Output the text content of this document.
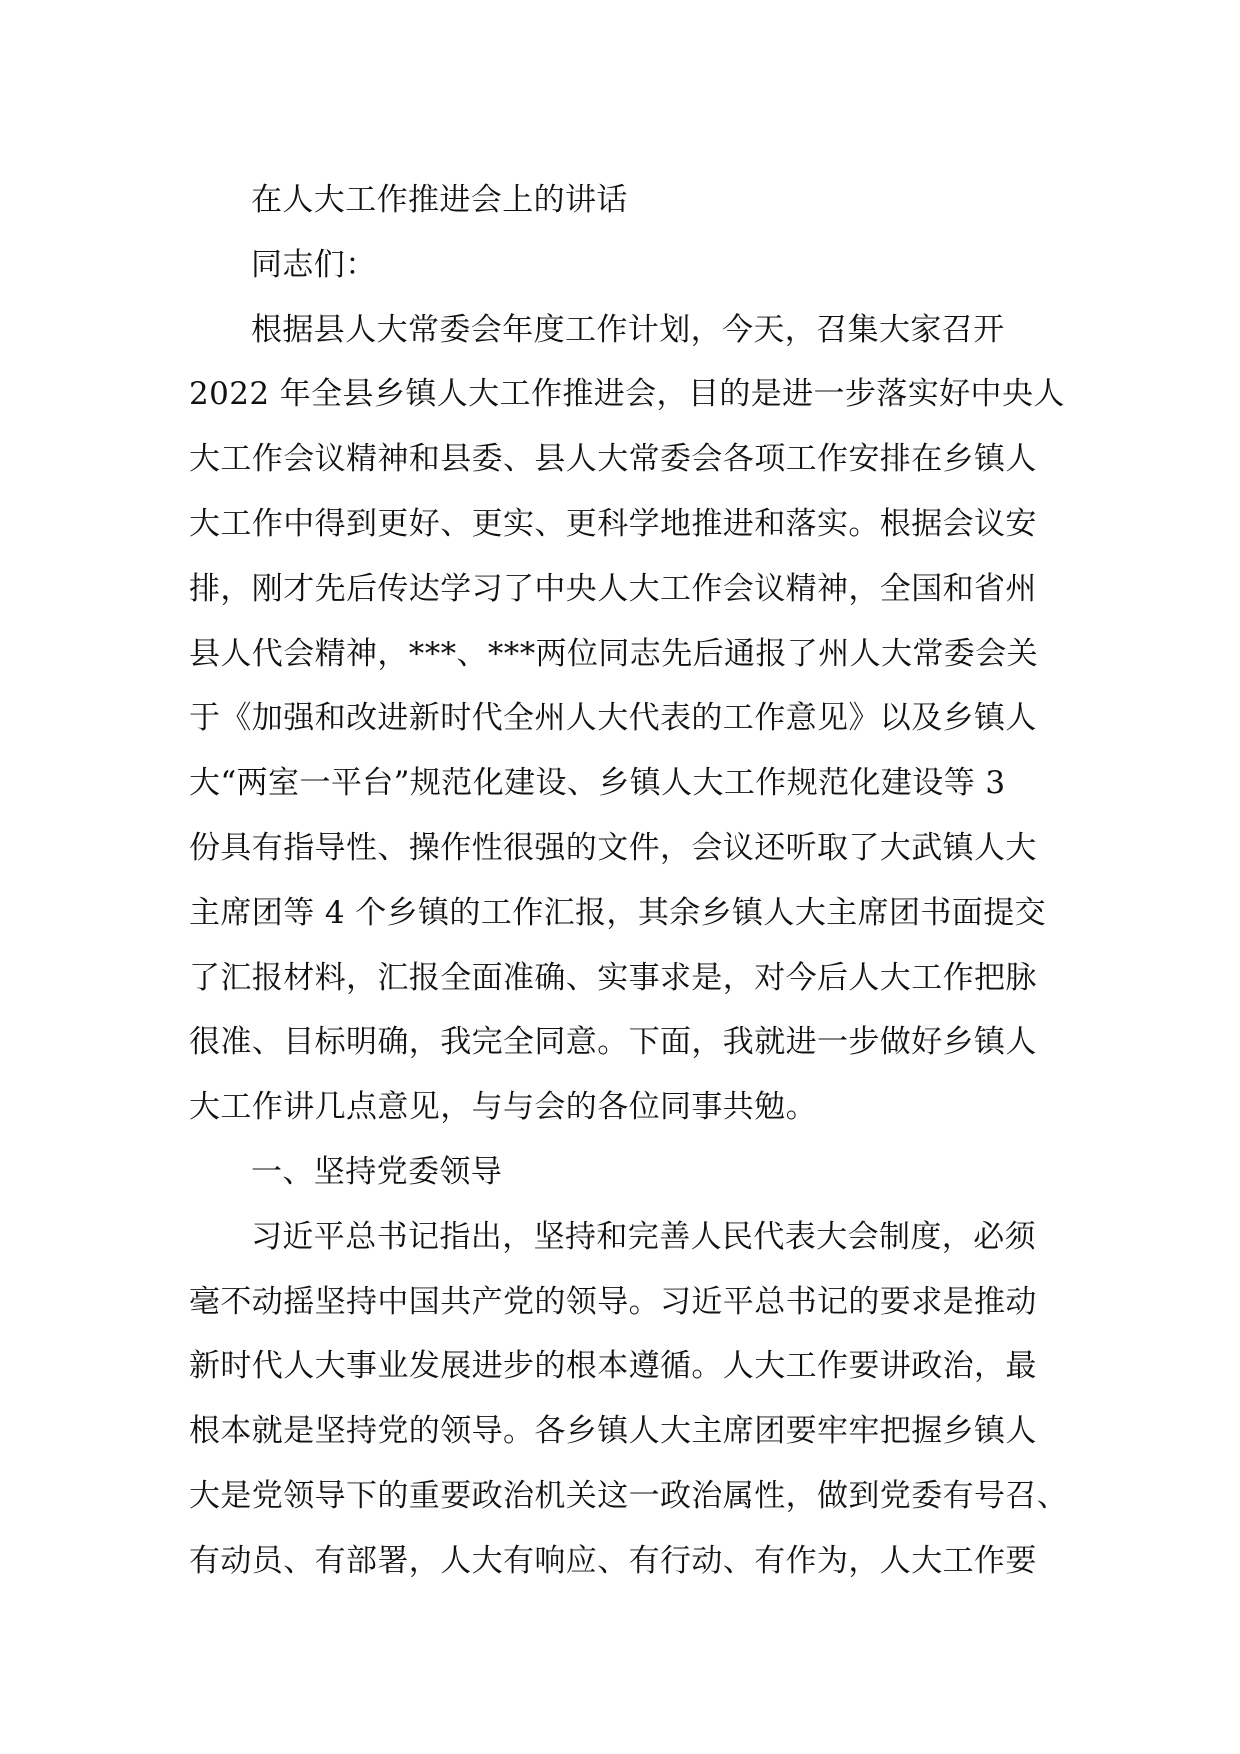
在人大工作推进会上的讲话
同志们：
根据县人大常委会年度工作计划，今天，召集大家召开
2022 年全县乡镇人大工作推进会，目的是进一步落实好中央人
大工作会议精神和县委、县人大常委会各项工作安排在乡镇人
大工作中得到更好、更实、更科学地推进和落实。根据会议安
排，刚才先后传达学习了中央人大工作会议精神，全国和省州
县人代会精神，***、***两位同志先后通报了州人大常委会关
于《加强和改进新时代全州人大代表的工作意见》以及乡镇人
大“两室一平台”规范化建设、乡镇人大工作规范化建设等 3
份具有指导性、操作性很强的文件，会议还听取了大武镇人大
主席团等 4 个乡镇的工作汇报，其余乡镇人大主席团书面提交
了汇报材料，汇报全面准确、实事求是，对今后人大工作把脉
很准、目标明确，我完全同意。下面，我就进一步做好乡镇人
大工作讲几点意见，与与会的各位同事共勉。
一、坚持党委领导
习近平总书记指出，坚持和完善人民代表大会制度，必须
毫不动摇坚持中国共产党的领导。习近平总书记的要求是推动
新时代人大事业发展进步的根本遵循。人大工作要讲政治，最
根本就是坚持党的领导。各乡镇人大主席团要牢牢把握乡镇人
大是党领导下的重要政治机关这一政治属性，做到党委有号召、
有动员、有部署，人大有响应、有行动、有作为，人大工作要
